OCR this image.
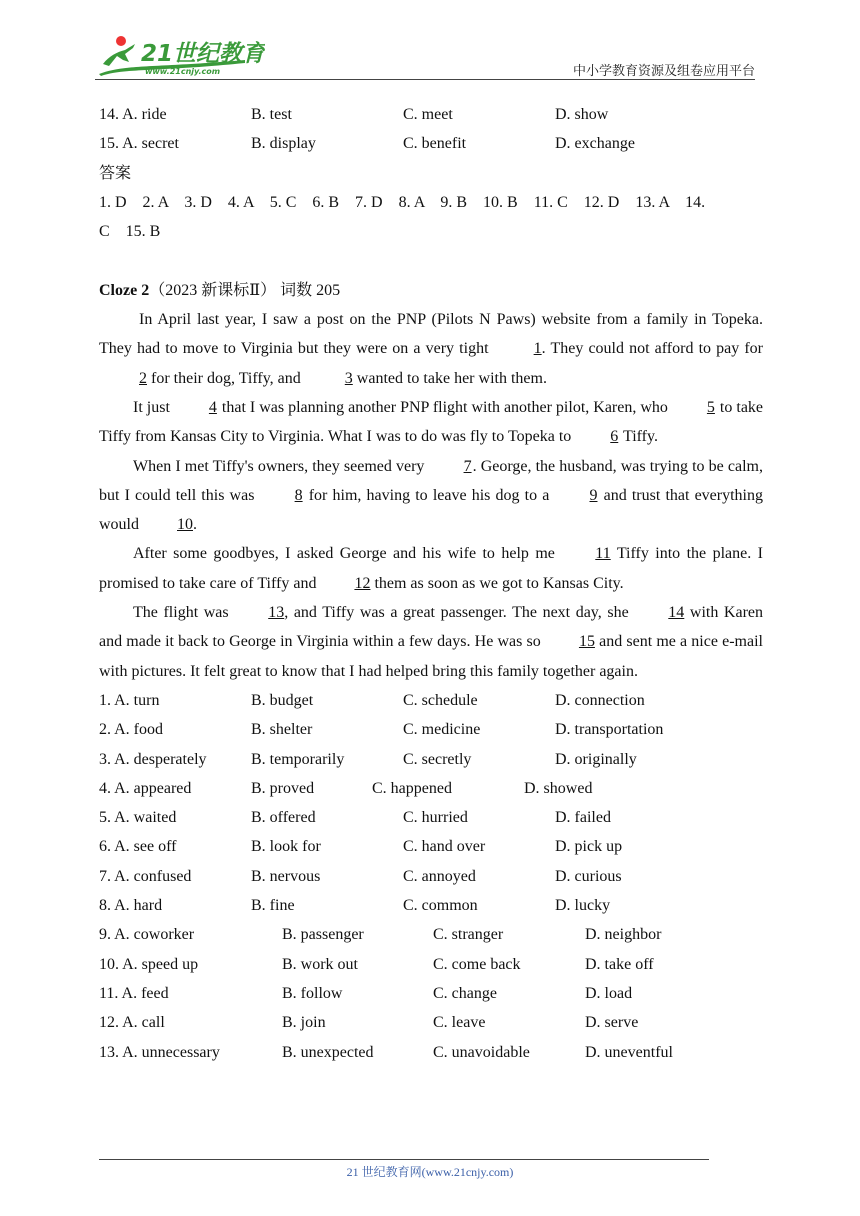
21世纪教育
www.21cnjy.com	中小学教育资源及组卷应用平台
14. A. ride	B. test	C. meet	D. show
15. A. secret	B. display	C. benefit	D. exchange
答案
1. D    2. A    3. D    4. A    5. C    6. B    7. D    8. A    9. B    10. B    11. C    12. D    13. A    14.
C    15. B
Cloze 2（2023 新课标Ⅱ） 词数 205

In April last year, I saw a post on the PNP (Pilots N Paws) website from a family in Topeka. They had to move to Virginia but they were on a very tight	1. They could not afford to pay for 2 for their dog, Tiffy, and	3 wanted to take her with them.

It just 4 that I was planning another PNP flight with another pilot, Karen, who 5 to take Tiffy from Kansas City to Virginia. What I was to do was fly to Topeka to 6 Tiffy.

When I met Tiffy's owners, they seemed very 7. George, the husband, was trying to be calm, but I could tell this was 8 for him, having to leave his dog to a 9 and trust that everything would 10.

After some goodbyes, I asked George and his wife to help me 11 Tiffy into the plane. I promised to take care of Tiffy and 12 them as soon as we got to Kansas City.

The flight was 13, and Tiffy was a great passenger. The next day, she 14 with Karen and made it back to George in Virginia within a few days. He was so 15 and sent me a nice e-mail with pictures. It felt great to know that I had helped bring this family together again.

1. A. turn	B. budget	C. schedule	D. connection
2. A. food	B. shelter	C. medicine	D. transportation
3. A. desperately	B. temporarily	C. secretly	D. originally
4. A. appeared	B. proved	C. happened	D. showed
5. A. waited	B. offered	C. hurried	D. failed
6. A. see off	B. look for	C. hand over	D. pick up
7. A. confused	B. nervous	C. annoyed	D. curious
8. A. hard	B. fine	C. common	D. lucky
9. A. coworker	B. passenger	C. stranger	D. neighbor
10. A. speed up	B. work out	C. come back	D. take off
11. A. feed	B. follow	C. change	D. load
12. A. call	B. join	C. leave	D. serve
13. A. unnecessary	B. unexpected	C. unavoidable	D. uneventful
21 世纪教育网(www.21cnjy.com)
